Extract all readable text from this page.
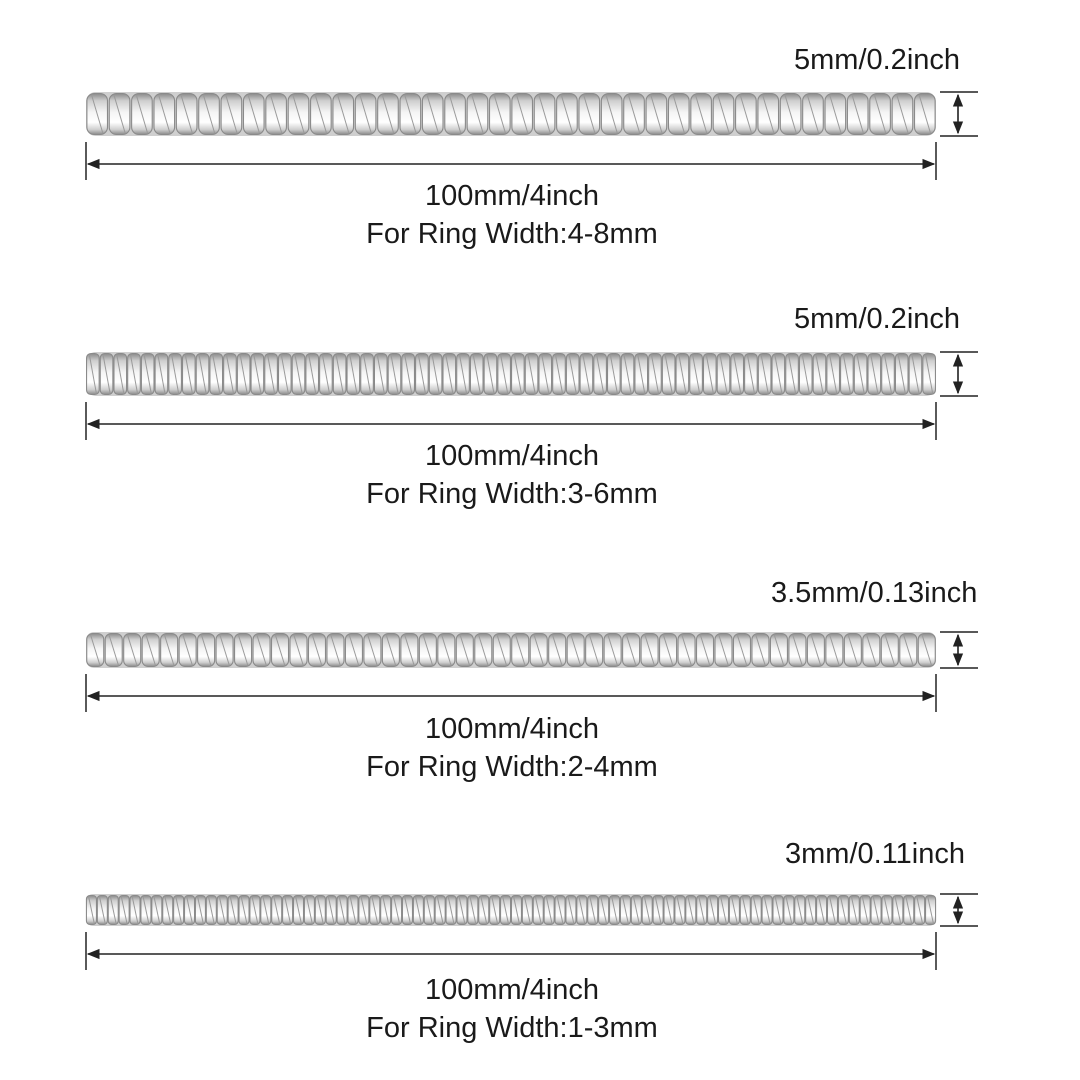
5mm/0.2inch
100mm/4inch
For Ring Width:4-8mm
5mm/0.2inch
100mm/4inch
For Ring Width:3-6mm
3.5mm/0.13inch
100mm/4inch
For Ring Width:2-4mm
3mm/0.11inch
100mm/4inch
For Ring Width:1-3mm
